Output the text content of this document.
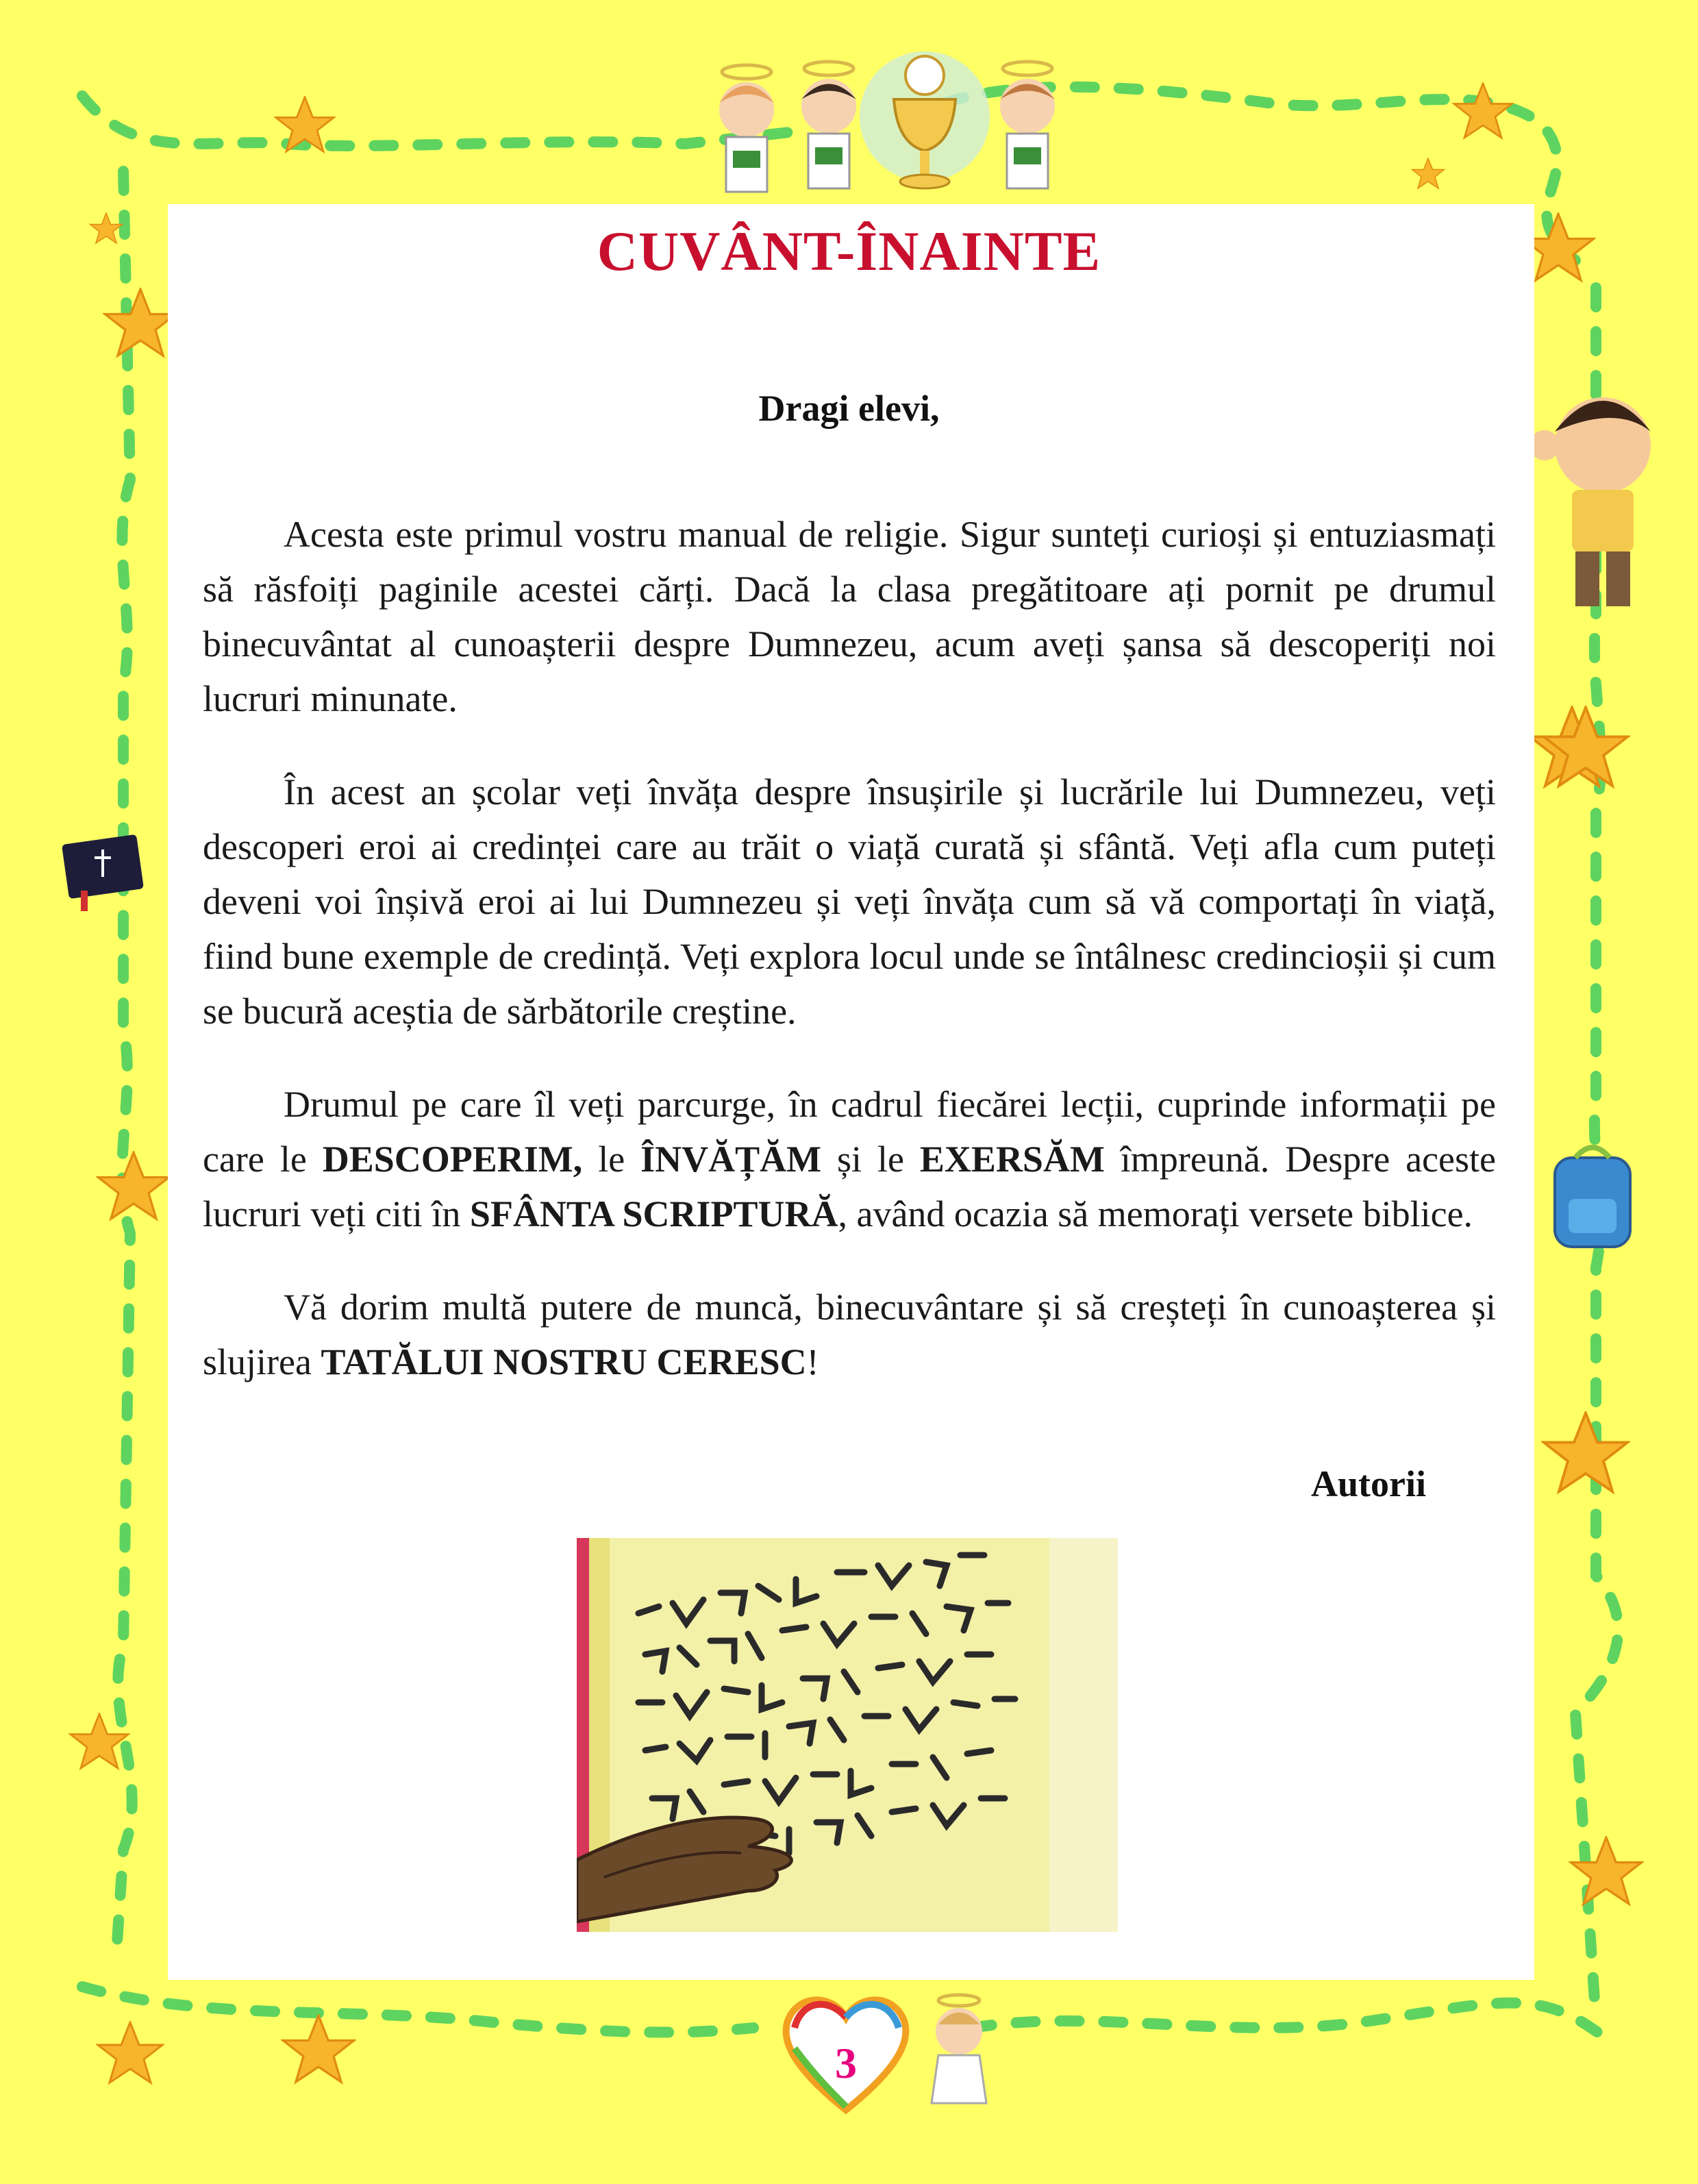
CUVÂNT-ÎNAINTE
Dragi elevi,

Acesta este primul vostru manual de religie. Sigur sunteți curioși și entuziasmați să răsfoiți paginile acestei cărți. Dacă la clasa pregătitoare ați pornit pe drumul binecuvântat al cunoașterii despre Dumnezeu, acum aveți șansa să descoperiți noi lucruri minunate.

În acest an școlar veți învăța despre însușirile și lucrările lui Dumnezeu, veți descoperi eroi ai credinței care au trăit o viață curată și sfântă. Veți afla cum puteți deveni voi înșivă eroi ai lui Dumnezeu și veți învăța cum să vă comportați în viață, fiind bune exemple de credință. Veți explora locul unde se întâlnesc credincioșii și cum se bucură aceștia de sărbătorile creștine.

Drumul pe care îl veți parcurge, în cadrul fiecărei lecții, cuprinde informații pe care le DESCOPERIM, le ÎNVĂȚĂM și le EXERSĂM împreună. Despre aceste lucruri veți citi în SFÂNTA SCRIPTURĂ, având ocazia să memorați versete biblice.

Vă dorim multă putere de muncă, binecuvântare și să creșteți în cunoașterea și slujirea TATĂLUI NOSTRU CERESC!

Autorii
3
